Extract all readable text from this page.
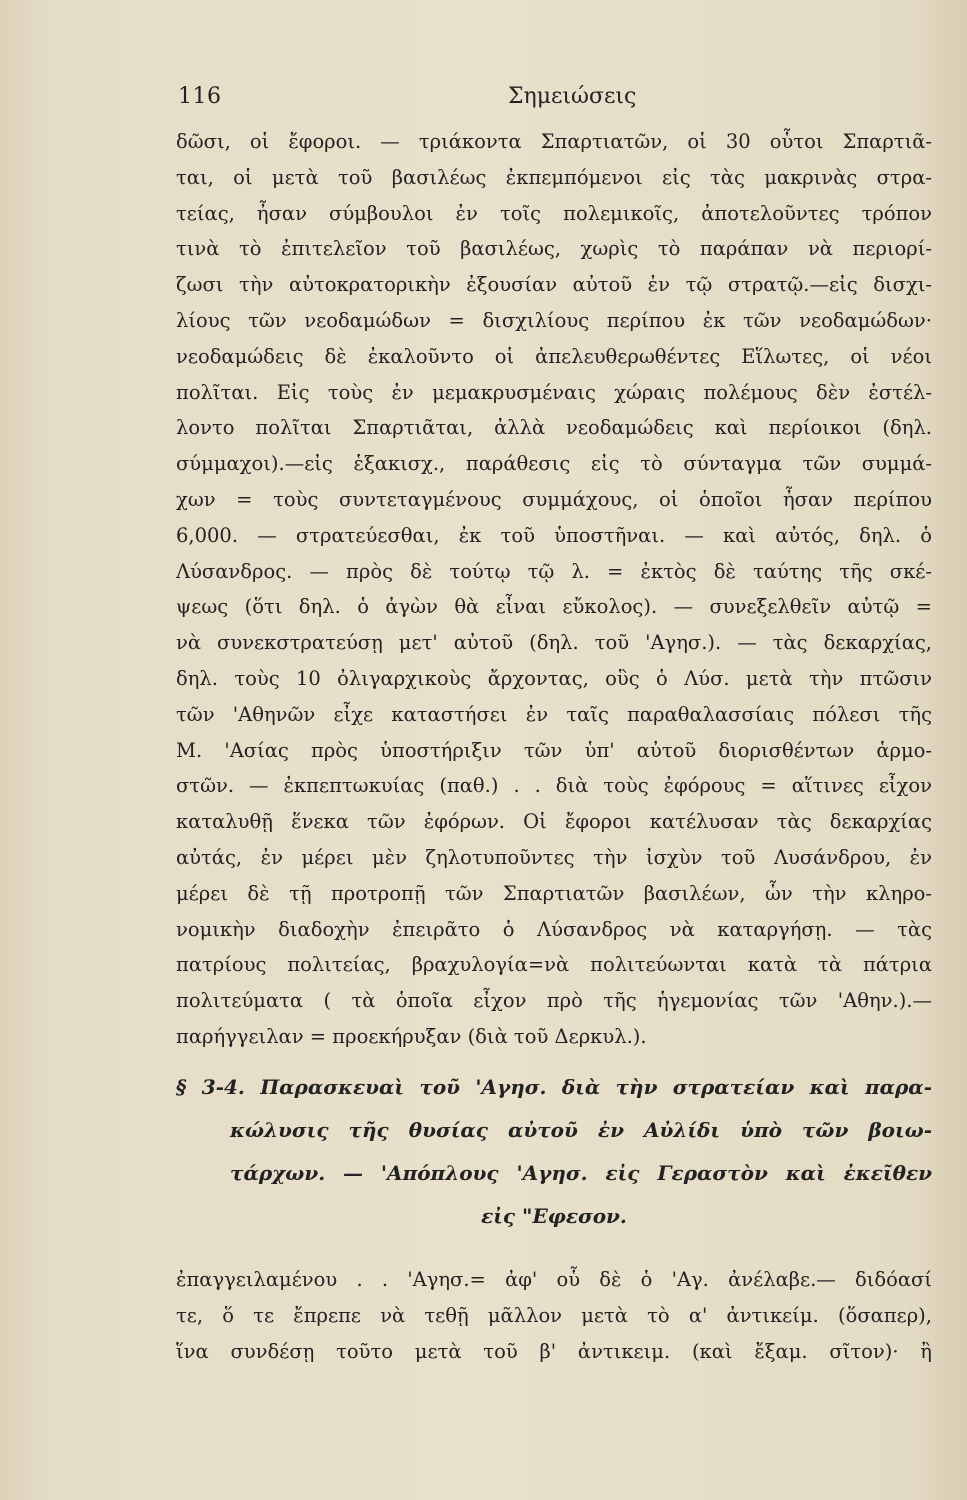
116	Σημειώσεις
δῶσι, οἱ ἔφοροι. — τριάκοντα Σπαρτιατῶν, οἱ 30 οὗτοι Σπαρτιᾶ-
ται, οἱ μετὰ τοῦ βασιλέως ἐκπεμπόμενοι εἰς τὰς μακρινὰς στρα-
τείας, ἦσαν σύμβουλοι ἐν τοῖς πολεμικοῖς, ἀποτελοῦντες τρόπον
τινὰ τὸ ἐπιτελεῖον τοῦ βασιλέως, χωρὶς τὸ παράπαν νὰ περιορί-
ζωσι τὴν αὐτοκρατορικὴν ἐξουσίαν αὐτοῦ ἐν τῷ στρατῷ.—εἰς δισχι-
λίους τῶν νεοδαμώδων = δισχιλίους περίπου ἐκ τῶν νεοδαμώδων·
νεοδαμώδεις δὲ ἐκαλοῦντο οἱ ἀπελευθερωθέντες Εἵλωτες, οἱ νέοι
πολῖται. Εἰς τοὺς ἐν μεμακρυσμέναις χώραις πολέμους δὲν ἐστέλ-
λοντο πολῖται Σπαρτιᾶται, ἀλλὰ νεοδαμώδεις καὶ περίοικοι (δηλ.
σύμμαχοι).—εἰς ἑξακισχ., παράθεσις εἰς τὸ σύνταγμα τῶν συμμά-
χων = τοὺς συντεταγμένους συμμάχους, οἱ ὁποῖοι ἦσαν περίπου
6,000. — στρατεύεσθαι, ἐκ τοῦ ὑποστῆναι. — καὶ αὐτός, δηλ. ὁ
Λύσανδρος. — πρὸς δὲ τούτῳ τῷ λ. = ἐκτὸς δὲ ταύτης τῆς σκέ-
ψεως (ὅτι δηλ. ὁ ἀγὼν θὰ εἶναι εὔκολος). — συνεξελθεῖν αὐτῷ =
νὰ συνεκστρατεύσῃ μετ' αὐτοῦ (δηλ. τοῦ 'Αγησ.). — τὰς δεκαρχίας,
δηλ. τοὺς 10 ὀλιγαρχικοὺς ἄρχοντας, οὓς ὁ Λύσ. μετὰ τὴν πτῶσιν
τῶν 'Αθηνῶν εἶχε καταστήσει ἐν ταῖς παραθαλασσίαις πόλεσι τῆς
Μ. 'Ασίας πρὸς ὑποστήριξιν τῶν ὑπ' αὐτοῦ διορισθέντων ἁρμο-
στῶν. — ἐκπεπτωκυίας (παθ.) . . διὰ τοὺς ἐφόρους = αἵτινες εἶχον
καταλυθῇ ἕνεκα τῶν ἐφόρων. Οἱ ἔφοροι κατέλυσαν τὰς δεκαρχίας
αὐτάς, ἐν μέρει μὲν ζηλοτυποῦντες τὴν ἰσχὺν τοῦ Λυσάνδρου, ἐν
μέρει δὲ τῇ προτροπῇ τῶν Σπαρτιατῶν βασιλέων, ὧν τὴν κληρο-
νομικὴν διαδοχὴν ἐπειρᾶτο ὁ Λύσανδρος νὰ καταργήσῃ. — τὰς
πατρίους πολιτείας, βραχυλογία=νὰ πολιτεύωνται κατὰ τὰ πάτρια
πολιτεύματα ( τὰ ὁποῖα εἶχον πρὸ τῆς ἡγεμονίας τῶν 'Αθην.).—
παρήγγειλαν = προεκήρυξαν (διὰ τοῦ Δερκυλ.).
§ 3-4. Παρασκευαὶ τοῦ 'Αγησ. διὰ τὴν στρατείαν καὶ παρα-
κώλυσις τῆς θυσίας αὐτοῦ ἐν Αὐλίδι ὑπὸ τῶν βοιω-
τάρχων. — 'Απόπλους 'Αγησ. εἰς Γεραστὸν καὶ ἐκεῖθεν
εἰς "Εφεσον.
ἐπαγγειλαμένου . . 'Αγησ.= ἀφ' οὗ δὲ ὁ 'Αγ. ἀνέλαβε.— διδόασί
τε, ὅ τε ἔπρεπε νὰ τεθῇ μᾶλλον μετὰ τὸ α' ἀντικείμ. (ὅσαπερ),
ἵνα συνδέσῃ τοῦτο μετὰ τοῦ β' ἀντικειμ. (καὶ ἔξαμ. σῖτον)· ἢ
